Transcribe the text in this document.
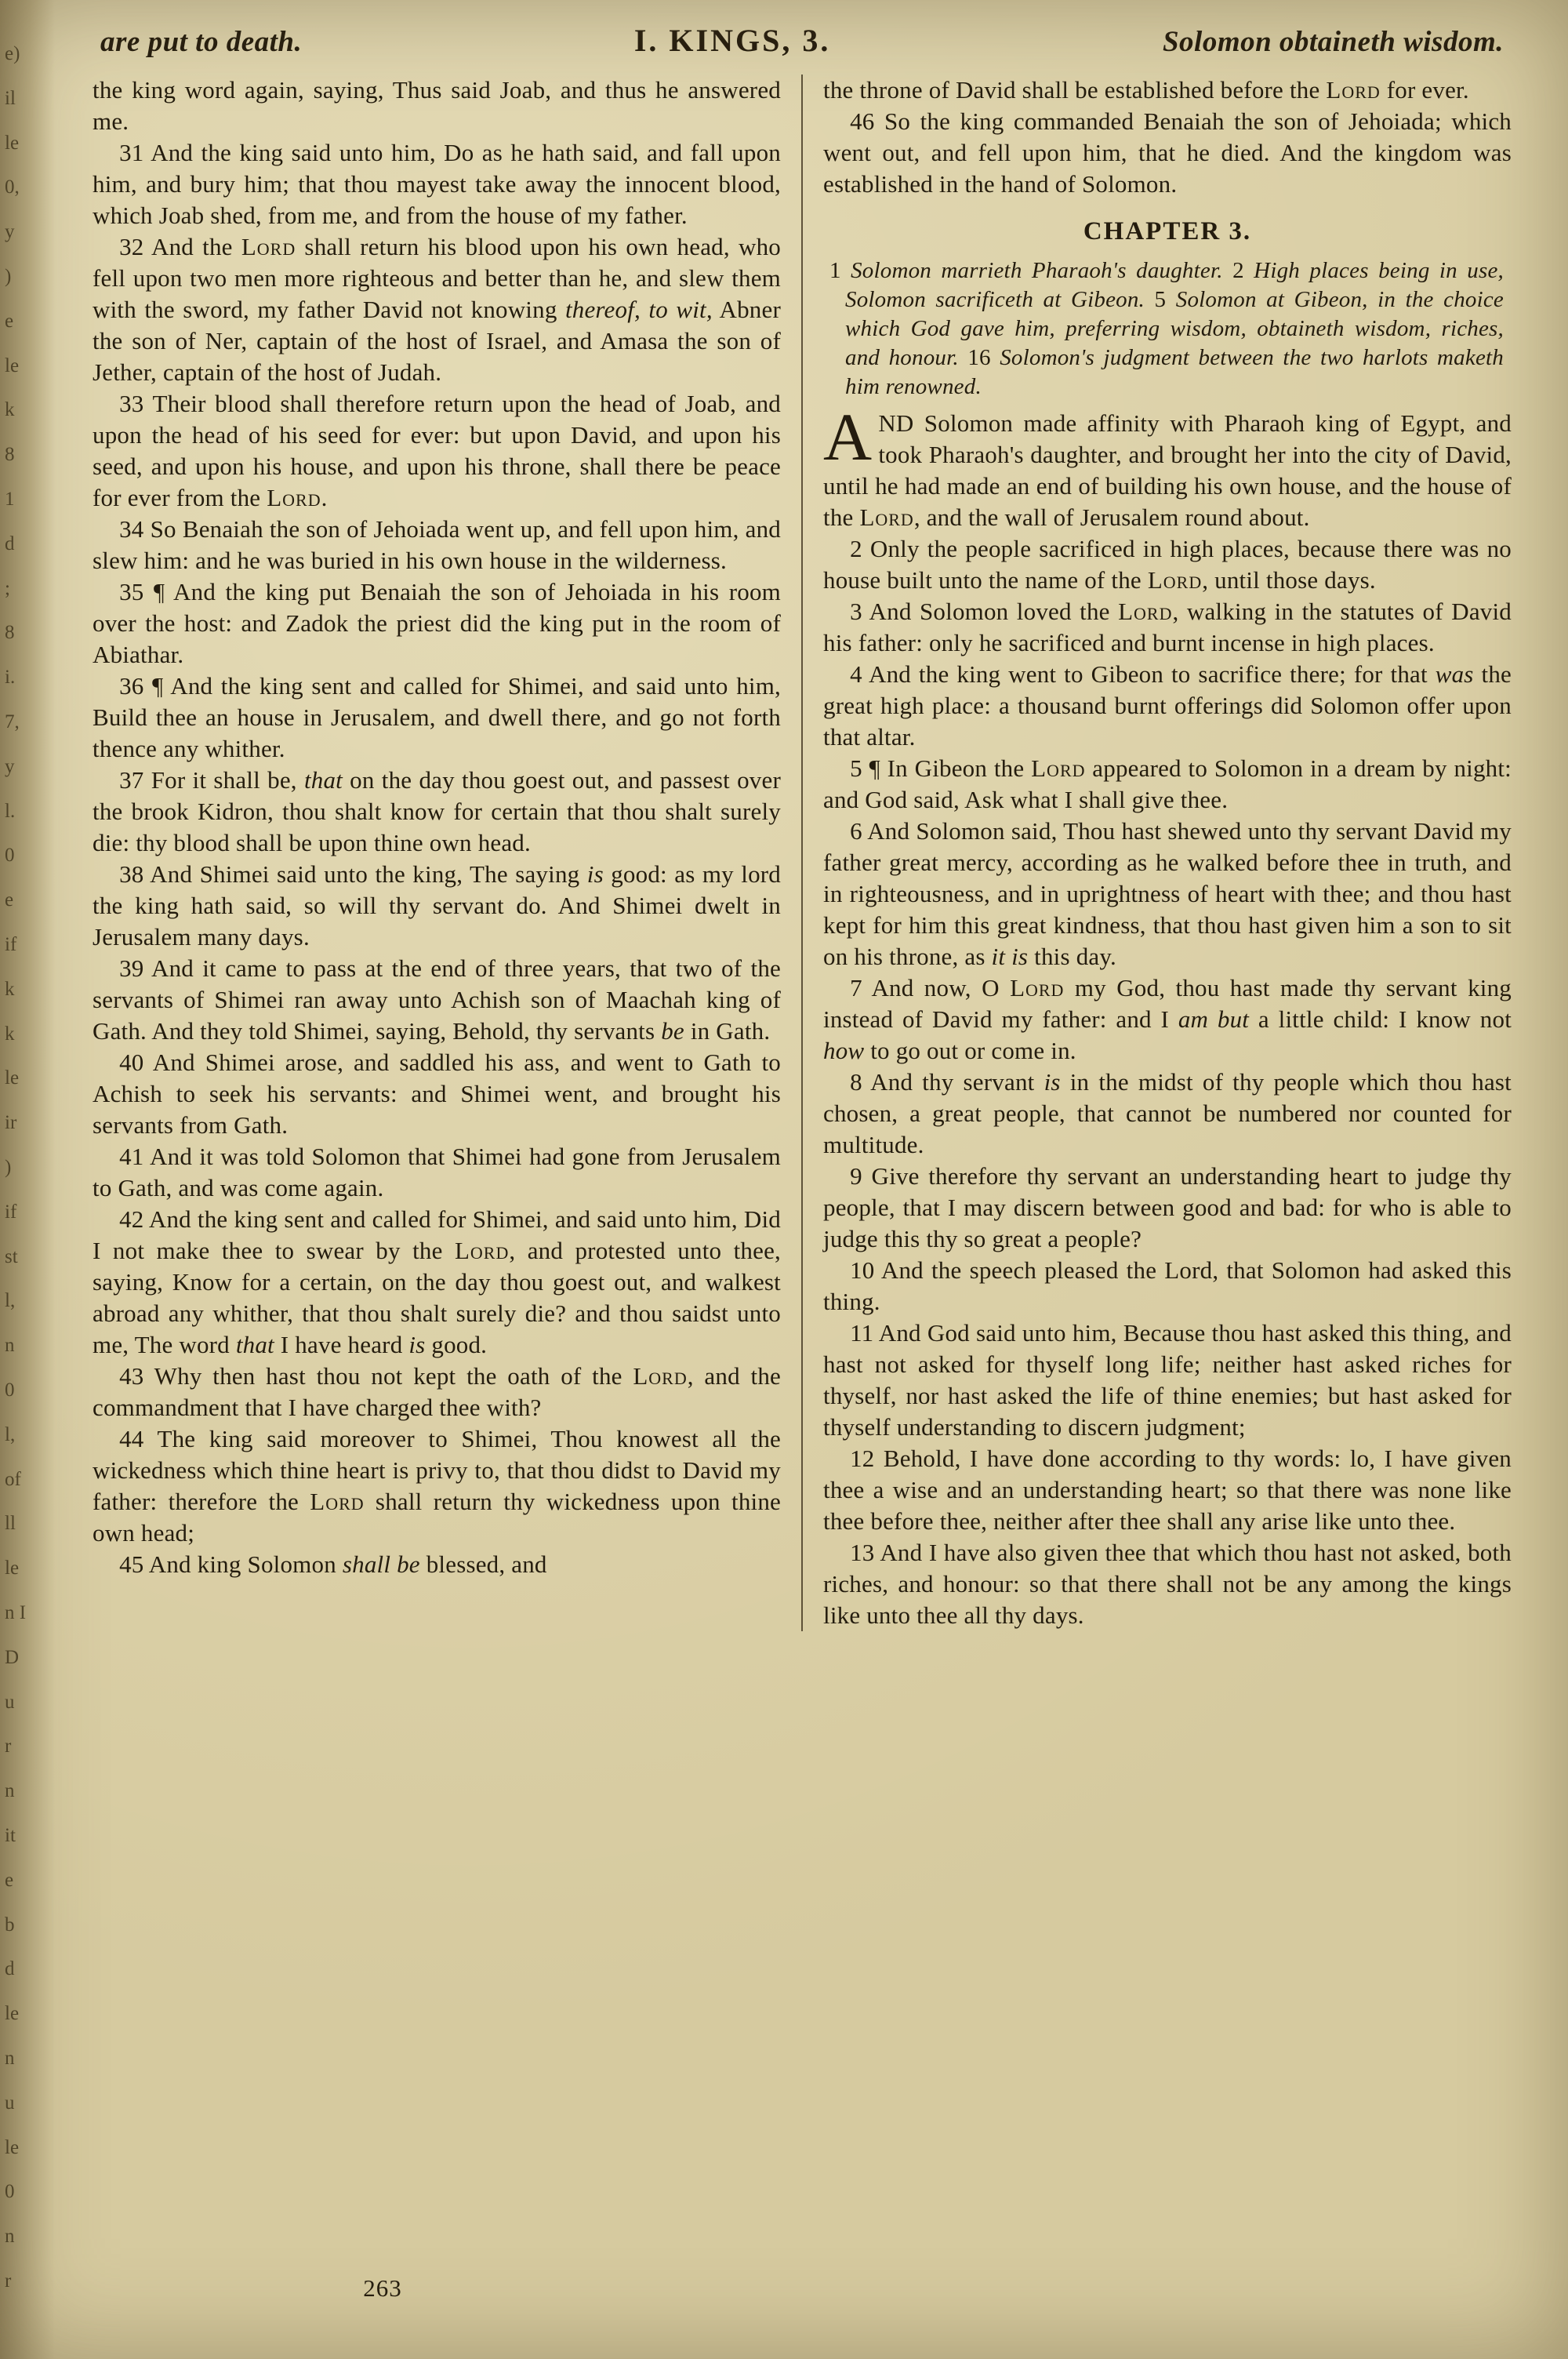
e)
il
le
0,
y
)
e
le
k
8
1
d
;
8
i.
7,
y
l.
0
e
if
k
k
le
ir
)
if
st
l,
n
0
l,
of
ll
le
n I
D
u
r
n
it
e
b
d
le
n
u
le
0
n
r
are put to death.	I. KINGS, 3.	Solomon obtaineth wisdom.

the king word again, saying, Thus said Joab, and thus he answered me.

31 And the king said unto him, Do as he hath said, and fall upon him, and bury him; that thou mayest take away the innocent blood, which Joab shed, from me, and from the house of my father.

32 And the Lord shall return his blood upon his own head, who fell upon two men more righteous and better than he, and slew them with the sword, my father David not knowing thereof, to wit, Abner the son of Ner, captain of the host of Israel, and Amasa the son of Jether, captain of the host of Judah.

33 Their blood shall therefore return upon the head of Joab, and upon the head of his seed for ever: but upon David, and upon his seed, and upon his house, and upon his throne, shall there be peace for ever from the Lord.

34 So Benaiah the son of Jehoiada went up, and fell upon him, and slew him: and he was buried in his own house in the wilderness.

35 ¶ And the king put Benaiah the son of Jehoiada in his room over the host: and Zadok the priest did the king put in the room of Abiathar.

36 ¶ And the king sent and called for Shimei, and said unto him, Build thee an house in Jerusalem, and dwell there, and go not forth thence any whither.

37 For it shall be, that on the day thou goest out, and passest over the brook Kidron, thou shalt know for certain that thou shalt surely die: thy blood shall be upon thine own head.

38 And Shimei said unto the king, The saying is good: as my lord the king hath said, so will thy servant do. And Shimei dwelt in Jerusalem many days.

39 And it came to pass at the end of three years, that two of the servants of Shimei ran away unto Achish son of Maachah king of Gath. And they told Shimei, saying, Behold, thy servants be in Gath.

40 And Shimei arose, and saddled his ass, and went to Gath to Achish to seek his servants: and Shimei went, and brought his servants from Gath.

41 And it was told Solomon that Shimei had gone from Jerusalem to Gath, and was come again.

42 And the king sent and called for Shimei, and said unto him, Did I not make thee to swear by the Lord, and protested unto thee, saying, Know for a certain, on the day thou goest out, and walkest abroad any whither, that thou shalt surely die? and thou saidst unto me, The word that I have heard is good.

43 Why then hast thou not kept the oath of the Lord, and the commandment that I have charged thee with?

44 The king said moreover to Shimei, Thou knowest all the wickedness which thine heart is privy to, that thou didst to David my father: therefore the Lord shall return thy wickedness upon thine own head;

45 And king Solomon shall be blessed, and

the throne of David shall be established before the Lord for ever.

46 So the king commanded Benaiah the son of Jehoiada; which went out, and fell upon him, that he died. And the kingdom was established in the hand of Solomon.

CHAPTER 3.

1 Solomon marrieth Pharaoh's daughter. 2 High places being in use, Solomon sacrificeth at Gibeon. 5 Solomon at Gibeon, in the choice which God gave him, preferring wisdom, obtaineth wisdom, riches, and honour. 16 Solomon's judgment between the two harlots maketh him renowned.

AND Solomon made affinity with Pharaoh king of Egypt, and took Pharaoh's daughter, and brought her into the city of David, until he had made an end of building his own house, and the house of the Lord, and the wall of Jerusalem round about.

2 Only the people sacrificed in high places, because there was no house built unto the name of the Lord, until those days.

3 And Solomon loved the Lord, walking in the statutes of David his father: only he sacrificed and burnt incense in high places.

4 And the king went to Gibeon to sacrifice there; for that was the great high place: a thousand burnt offerings did Solomon offer upon that altar.

5 ¶ In Gibeon the Lord appeared to Solomon in a dream by night: and God said, Ask what I shall give thee.

6 And Solomon said, Thou hast shewed unto thy servant David my father great mercy, according as he walked before thee in truth, and in righteousness, and in uprightness of heart with thee; and thou hast kept for him this great kindness, that thou hast given him a son to sit on his throne, as it is this day.

7 And now, O Lord my God, thou hast made thy servant king instead of David my father: and I am but a little child: I know not how to go out or come in.

8 And thy servant is in the midst of thy people which thou hast chosen, a great people, that cannot be numbered nor counted for multitude.

9 Give therefore thy servant an understanding heart to judge thy people, that I may discern between good and bad: for who is able to judge this thy so great a people?

10 And the speech pleased the Lord, that Solomon had asked this thing.

11 And God said unto him, Because thou hast asked this thing, and hast not asked for thyself long life; neither hast asked riches for thyself, nor hast asked the life of thine enemies; but hast asked for thyself understanding to discern judgment;

12 Behold, I have done according to thy words: lo, I have given thee a wise and an understanding heart; so that there was none like thee before thee, neither after thee shall any arise like unto thee.

13 And I have also given thee that which thou hast not asked, both riches, and honour: so that there shall not be any among the kings like unto thee all thy days.

263
